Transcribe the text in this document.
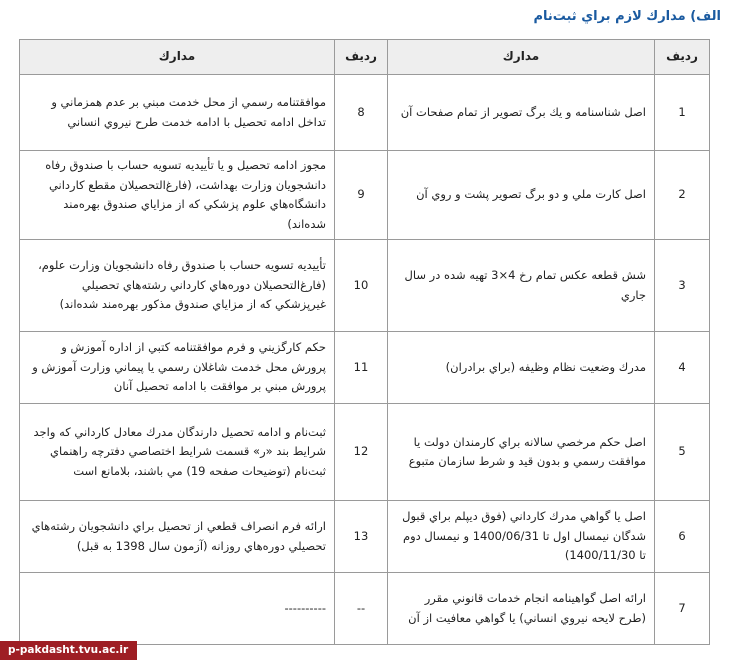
الف) مدارك لازم براي ثبت‌نام
رديف	مدارك	رديف	مدارك
1	اصل شناسنامه و يك برگ تصوير از تمام صفحات آن	8	موافقتنامه رسمي از محل خدمت مبني بر عدم همزماني و تداخل ادامه تحصيل با ادامه خدمت طرح نيروي انساني
2	اصل كارت ملي و دو برگ تصوير پشت و روي آن	9	مجوز ادامه تحصيل و يا تأييديه تسويه حساب با صندوق رفاه دانشجويان وزارت بهداشت، (فارغ‌التحصيلان مقطع كارداني دانشگاه‌هاي علوم پزشكي كه از مزاياي صندوق بهره‌مند شده‌اند)
3	شش قطعه عكس تمام رخ 4×3 تهيه شده در سال جاري	10	تأييديه تسويه حساب با صندوق رفاه دانشجويان وزارت علوم، (فارغ‌التحصيلان دوره‌هاي كارداني رشته‌هاي تحصيلي غيرپزشكي كه از مزاياي صندوق مذكور بهره‌مند شده‌اند)
4	مدرك وضعيت نظام وظيفه (براي برادران)	11	حكم كارگزيني و فرم موافقتنامه كتبي از اداره آموزش و پرورش محل خدمت شاغلان رسمي يا پيماني وزارت آموزش و پرورش مبني بر موافقت با ادامه تحصيل آنان
5	اصل حكم مرخصي سالانه براي كارمندان دولت يا موافقت رسمي و بدون قيد و شرط سازمان متبوع	12	ثبت‌نام و ادامه تحصيل دارندگان مدرك معادل كارداني كه واجد شرايط بند «ر» قسمت شرايط اختصاصي دفترچه راهنماي ثبت‌نام (توضيحات صفحه 19) مي باشند، بلامانع است
6	اصل يا گواهي مدرك كارداني (فوق ديپلم براي قبول شدگان نيمسال اول تا 1400/06/31 و نيمسال دوم تا 1400/11/30)	13	ارائه فرم انصراف قطعي از تحصيل براي دانشجويان رشته‌هاي تحصيلي دوره‌هاي روزانه (آزمون سال 1398 به قبل)
7	ارائه اصل گواهينامه انجام خدمات قانوني مقرر (طرح لايحه نيروي انساني) يا گواهي معافيت از آن	--	----------
p-pakdasht.tvu.ac.ir
